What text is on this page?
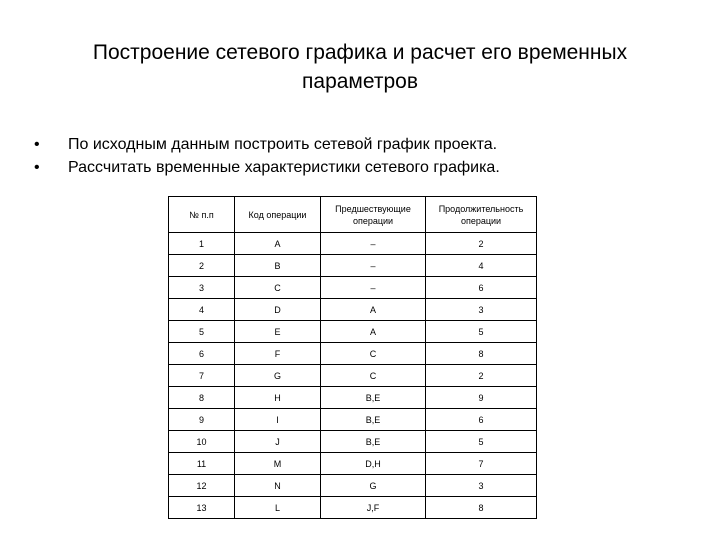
Построение сетевого графика и расчет его временных параметров
• По исходным данным построить сетевой график проекта.
• Рассчитать временные характеристики сетевого графика.
№ п.п	Код операции	Предшествующие операции	Продолжительность операции
1	A	–	2
2	B	–	4
3	C	–	6
4	D	A	3
5	E	A	5
6	F	C	8
7	G	C	2
8	H	B,E	9
9	I	B,E	6
10	J	B,E	5
11	M	D,H	7
12	N	G	3
13	L	J,F	8
